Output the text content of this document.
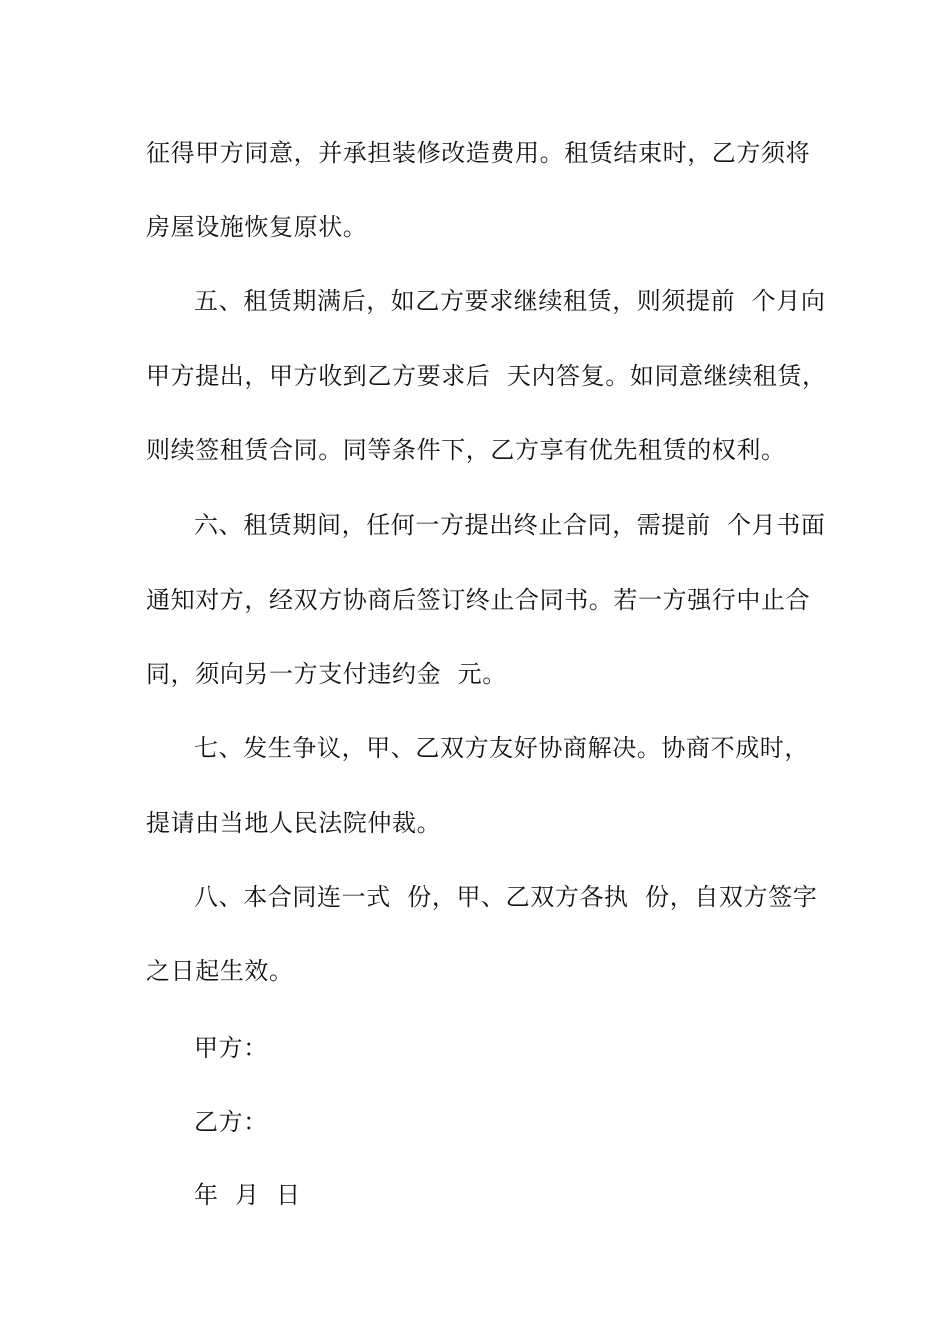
征得甲方同意，并承担装修改造费用。租赁结束时，乙方须将
房屋设施恢复原状。
五、租赁期满后，如乙方要求继续租赁，则须提前  个月向
甲方提出，甲方收到乙方要求后  天内答复。如同意继续租赁，
则续签租赁合同。同等条件下，乙方享有优先租赁的权利。
六、租赁期间，任何一方提出终止合同，需提前  个月书面
通知对方，经双方协商后签订终止合同书。若一方强行中止合
同，须向另一方支付违约金  元。
七、发生争议，甲、乙双方友好协商解决。协商不成时，
提请由当地人民法院仲裁。
八、本合同连一式  份，甲、乙双方各执  份，自双方签字
之日起生效。
甲方：
乙方：
年  月  日
